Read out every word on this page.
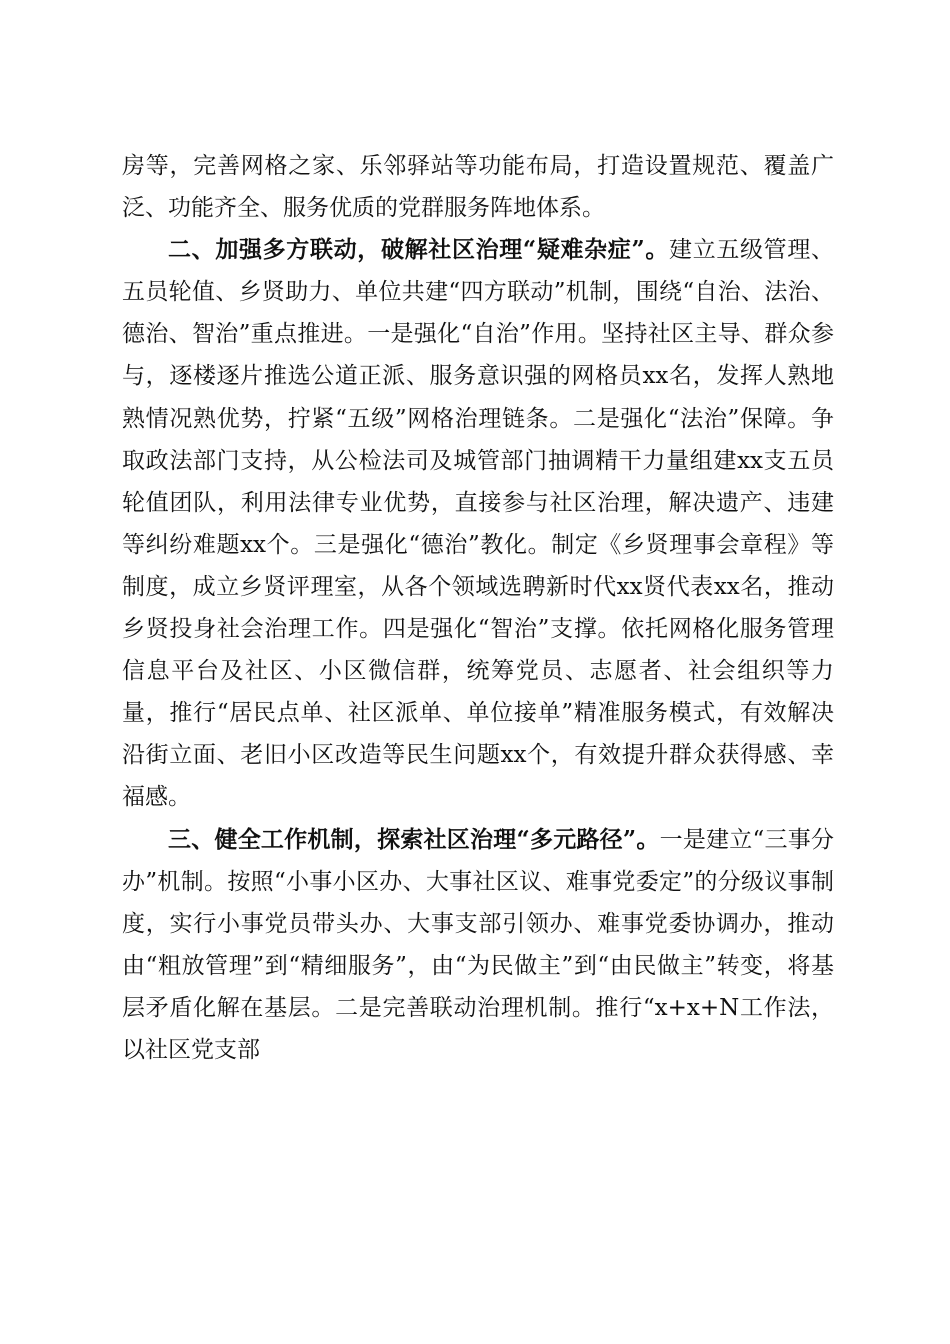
房等，完善网格之家、乐邻驿站等功能布局，打造设置规范、覆盖广泛、功能齐全、服务优质的党群服务阵地体系。

二、加强多方联动，破解社区治理“疑难杂症”。建立五级管理、五员轮值、乡贤助力、单位共建“四方联动”机制，围绕“自治、法治、德治、智治”重点推进。一是强化“自治”作用。坚持社区主导、群众参与，逐楼逐片推选公道正派、服务意识强的网格员xx名，发挥人熟地熟情况熟优势，拧紧“五级”网格治理链条。二是强化“法治”保障。争取政法部门支持，从公检法司及城管部门抽调精干力量组建xx支五员轮值团队，利用法律专业优势，直接参与社区治理，解决遗产、违建等纠纷难题xx个。三是强化“德治”教化。制定《乡贤理事会章程》等制度，成立乡贤评理室，从各个领域选聘新时代xx贤代表xx名，推动乡贤投身社会治理工作。四是强化“智治”支撑。依托网格化服务管理信息平台及社区、小区微信群，统筹党员、志愿者、社会组织等力量，推行“居民点单、社区派单、单位接单”精准服务模式，有效解决沿街立面、老旧小区改造等民生问题xx个，有效提升群众获得感、幸福感。

三、健全工作机制，探索社区治理“多元路径”。一是建立“三事分办”机制。按照“小事小区办、大事社区议、难事党委定”的分级议事制度，实行小事党员带头办、大事支部引领办、难事党委协调办，推动由“粗放管理”到“精细服务”，由“为民做主”到“由民做主”转变，将基层矛盾化解在基层。二是完善联动治理机制。推行“x+x+N工作法，以社区党支部
